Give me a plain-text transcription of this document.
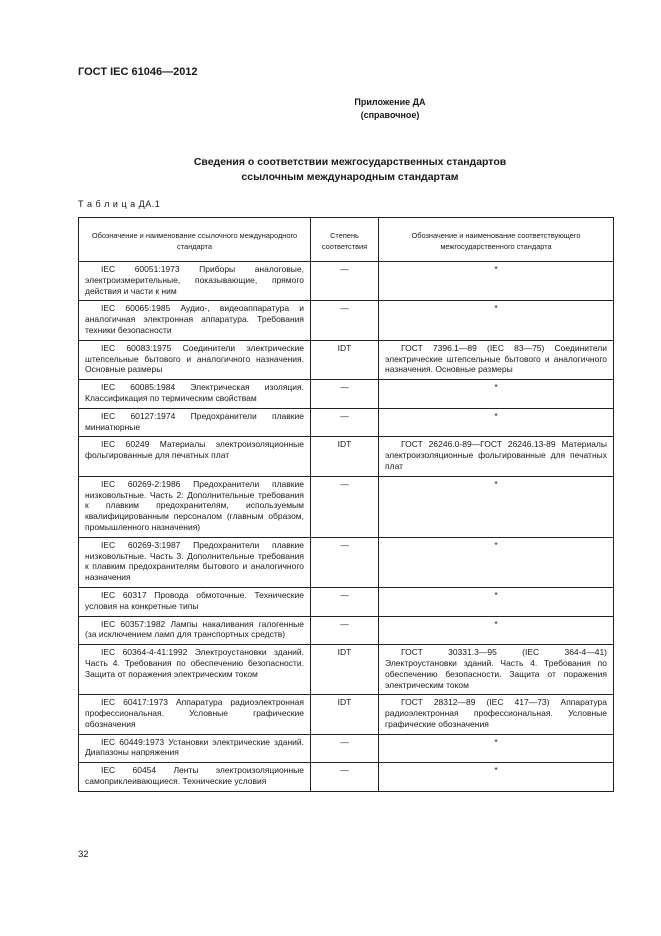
ГОСТ IEC 61046—2012
Приложение ДА
(справочное)
Сведения о соответствии межгосударственных стандартов
ссылочным международным стандартам
Т а б л и ц а ДА.1
Обозначение и наименование ссылочного международного стандарта	Степень соответствия	Обозначение и наименование соответствующего межгосударственного стандарта
IEC 60051:1973 Приборы аналоговые, электроизмерительные, показывающие, прямого действия и части к ним	—	*
IEC 60065:1985 Аудио-, видеоаппаратура и аналогичная электронная аппаратура. Требования техники безопасности	—	*
IEC 60083:1975 Соединители электрические штепсельные бытового и аналогичного назначения. Основные размеры	IDT	ГОСТ 7396.1—89 (IEC 83—75) Соединители электрические штепсельные бытового и аналогичного назначения. Основные размеры
IEC 60085:1984 Электрическая изоляция. Классификация по термическим свойствам	—	*
IEC 60127:1974 Предохранители плавкие миниатюрные	—	*
IEC 60249 Материалы электроизоляционные фольгированные для печатных плат	IDT	ГОСТ 26246.0-89—ГОСТ 26246.13-89 Материалы электроизоляционные фольгированные для печатных плат
IEC 60269-2:1986 Предохранители плавкие низковольтные. Часть 2: Дополнительные требования к плавким предохранителям, используемым квалифицированным персоналом (главным образом, промышленного назначения)	—	*
IEC 60269-3:1987 Предохранители плавкие низковольтные. Часть 3. Дополнительные требования к плавким предохранителям бытового и аналогичного назначения	—	*
IEC 60317 Провода обмоточные. Технические условия на конкретные типы	—	*
IEC 60357:1982 Лампы накаливания галогенные (за исключением ламп для транспортных средств)	—	*
IEC 60364-4-41:1992 Электроустановки зданий. Часть 4. Требования по обеспечению безопасности. Защита от поражения электрическим током	IDT	ГОСТ 30331.3—95 (IEC 364-4—41) Электроустановки зданий. Часть 4. Требования по обеспечению безопасности. Защита от поражения электрическим током
IEC 60417:1973 Аппаратура радиоэлектронная профессиональная. Условные графические обозначения	IDT	ГОСТ 28312—89 (IEC 417—73) Аппаратура радиоэлектронная профессиональная. Условные графические обозначения
IEC 60449:1973 Установки электрические зданий. Диапазоны напряжения	—	*
IEC 60454 Ленты электроизоляционные самоприклеивающиеся. Технические условия	—	*
32
